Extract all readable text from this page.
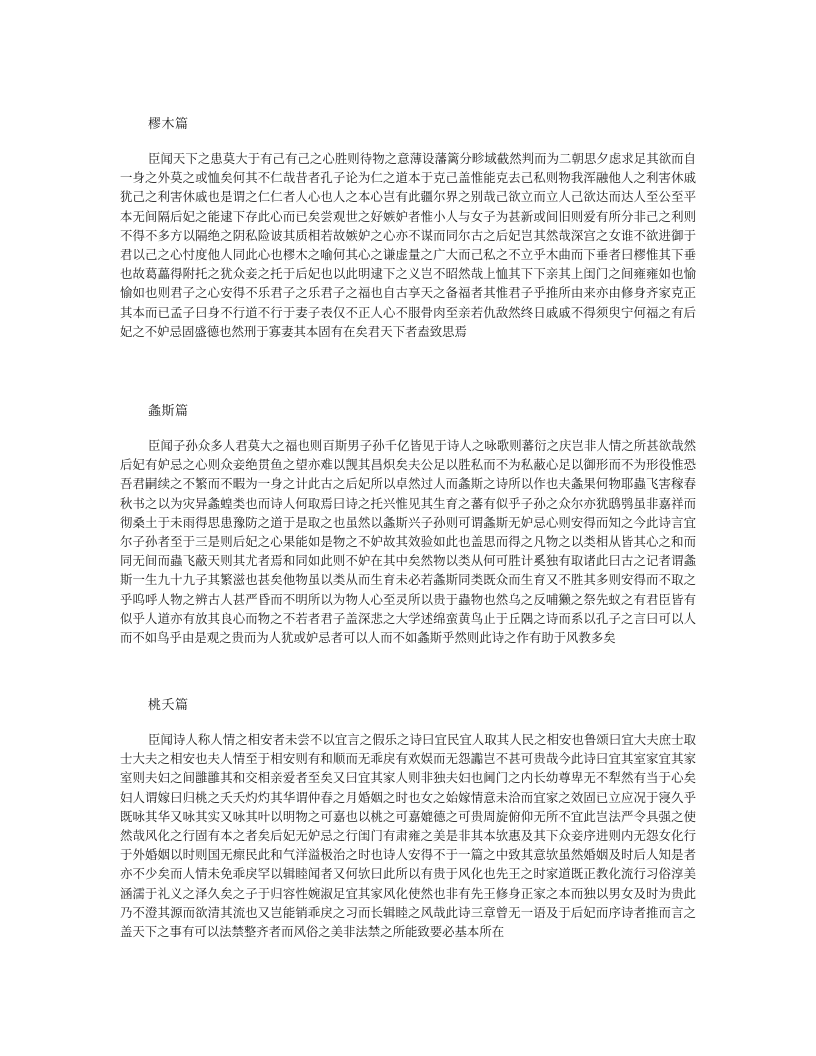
樛木篇

臣闻天下之患莫大于有己有己之心胜则待物之意薄设藩篱分畛域截然判而为二朝思夕虑求足其欲而自一身之外莫之或恤矣何其不仁哉昔者孔子论为仁之道本于克己盖惟能克去己私则物我浑融他人之利害休戚犹己之利害休戚也是谓之仁仁者人心也人之本心岂有此疆尔界之别哉己欲立而立人己欲达而达人至公至平本无间隔后妃之能逮下存此心而已矣尝观世之好嫉妒者惟小人与女子为甚新或间旧则爱有所分非己之利则不得不多方以隔绝之阴私险诐其质相若故嫉妒之心亦不谋而同尔古之后妃岂其然哉深宫之女谁不欲进御于君以己之心忖度他人同此心也樛木之喻何其心之谦虚量之广大而己私之不立乎木曲而下垂者曰樛惟其下垂也故葛藟得附托之犹众妾之托于后妃也以此明逮下之义岂不昭然哉上恤其下下亲其上闺门之间雍雍如也愉愉如也则君子之心安得不乐君子之乐君子之福也自古享天之备福者其惟君子乎推所由来亦由修身齐家克正其本而已孟子曰身不行道不行于妻子表仅不正人心不服骨肉至亲若仇敌然终日戚戚不得须臾宁何福之有后妃之不妒忌固盛德也然刑于寡妻其本固有在矣君天下者盍致思焉

螽斯篇

臣闻子孙众多人君莫大之福也则百斯男子孙千亿皆见于诗人之咏歌则蕃衍之庆岂非人情之所甚欲哉然后妃有妒忌之心则众妾绝贯鱼之望亦难以觊其昌炽矣夫公足以胜私而不为私蔽心足以御形而不为形役惟恐吾君嗣续之不繁而不暇为一身之计此古之后妃所以卓然过人而螽斯之诗所以作也夫螽果何物耶蟲飞害稼春秋书之以为灾异螽蝗类也而诗人何取焉曰诗之托兴惟见其生育之蕃有似乎子孙之众尔亦犹鸱鸮虽非嘉祥而彻桑土于未雨得思患豫防之道于是取之也虽然以螽斯兴子孙则可谓螽斯无妒忌心则安得而知之今此诗言宜尔子孙者至于三是则后妃之心果能如是物之不妒故其效验如此也盖思而得之凡物之以类相从皆其心之和而同无间而蟲飞蔽天则其尤者焉和同如此则不妒在其中矣然物以类从何可胜计奚独有取诸此曰古之记者谓螽斯一生九十九子其繁滋也甚矣他物虽以类从而生育未必若螽斯同类既众而生育又不胜其多则安得而不取之乎呜呼人物之辨古人甚严昏而不明所以为物人心至灵所以贵于蟲物也然乌之反哺獭之祭先蚁之有君臣皆有似乎人道亦有放其良心而物之不若者君子盖深悲之大学述绵蛮黄鸟止于丘隅之诗而系以孔子之言曰可以人而不如鸟乎由是观之贵而为人犹或妒忌者可以人而不如螽斯乎然则此诗之作有助于风教多矣

桃夭篇

臣闻诗人称人情之相安者未尝不以宜言之假乐之诗曰宜民宜人取其人民之相安也鲁颂曰宜大夫庶士取士大夫之相安也夫人情至于相安则有和顺而无乖戾有欢娱而无怨讟岂不甚可贵哉今此诗曰宜其室家宜其家室则夫妇之间雝雝其和交相亲爱者至矣又曰宜其家人则非独夫妇也阃门之内长幼尊卑无不犁然有当于心矣妇人谓嫁曰归桃之夭夭灼灼其华谓仲春之月婚姻之时也女之始嫁情意未洽而宜家之效固已立应况于寖久乎既咏其华又咏其实又咏其叶以明物之可嘉也以桃之可嘉媲德之可贵周旋俯仰无所不宜此岂法严令具强之使然哉风化之行固有本之者矣后妃无妒忌之行闺门有肃雍之美是非其本欤惠及其下众妾序进则内无怨女化行于外婚姻以时则国无瘝民此和气洋溢极治之时也诗人安得不于一篇之中致其意欤虽然婚姻及时后人知是者亦不少矣而人情未免乖戾罕以辑睦闻者又何欤曰此所以有贵于风化也先王之时家道既正教化流行习俗淳美涵濡于礼义之泽久矣之子于归容性婉淑足宜其家风化使然也非有先王修身正家之本而独以男女及时为贵此乃不澄其源而欲清其流也又岂能销乖戾之习而长辑睦之风哉此诗三章曾无一语及于后妃而序诗者推而言之盖天下之事有可以法禁整齐者而风俗之美非法禁之所能致要必基本所在
